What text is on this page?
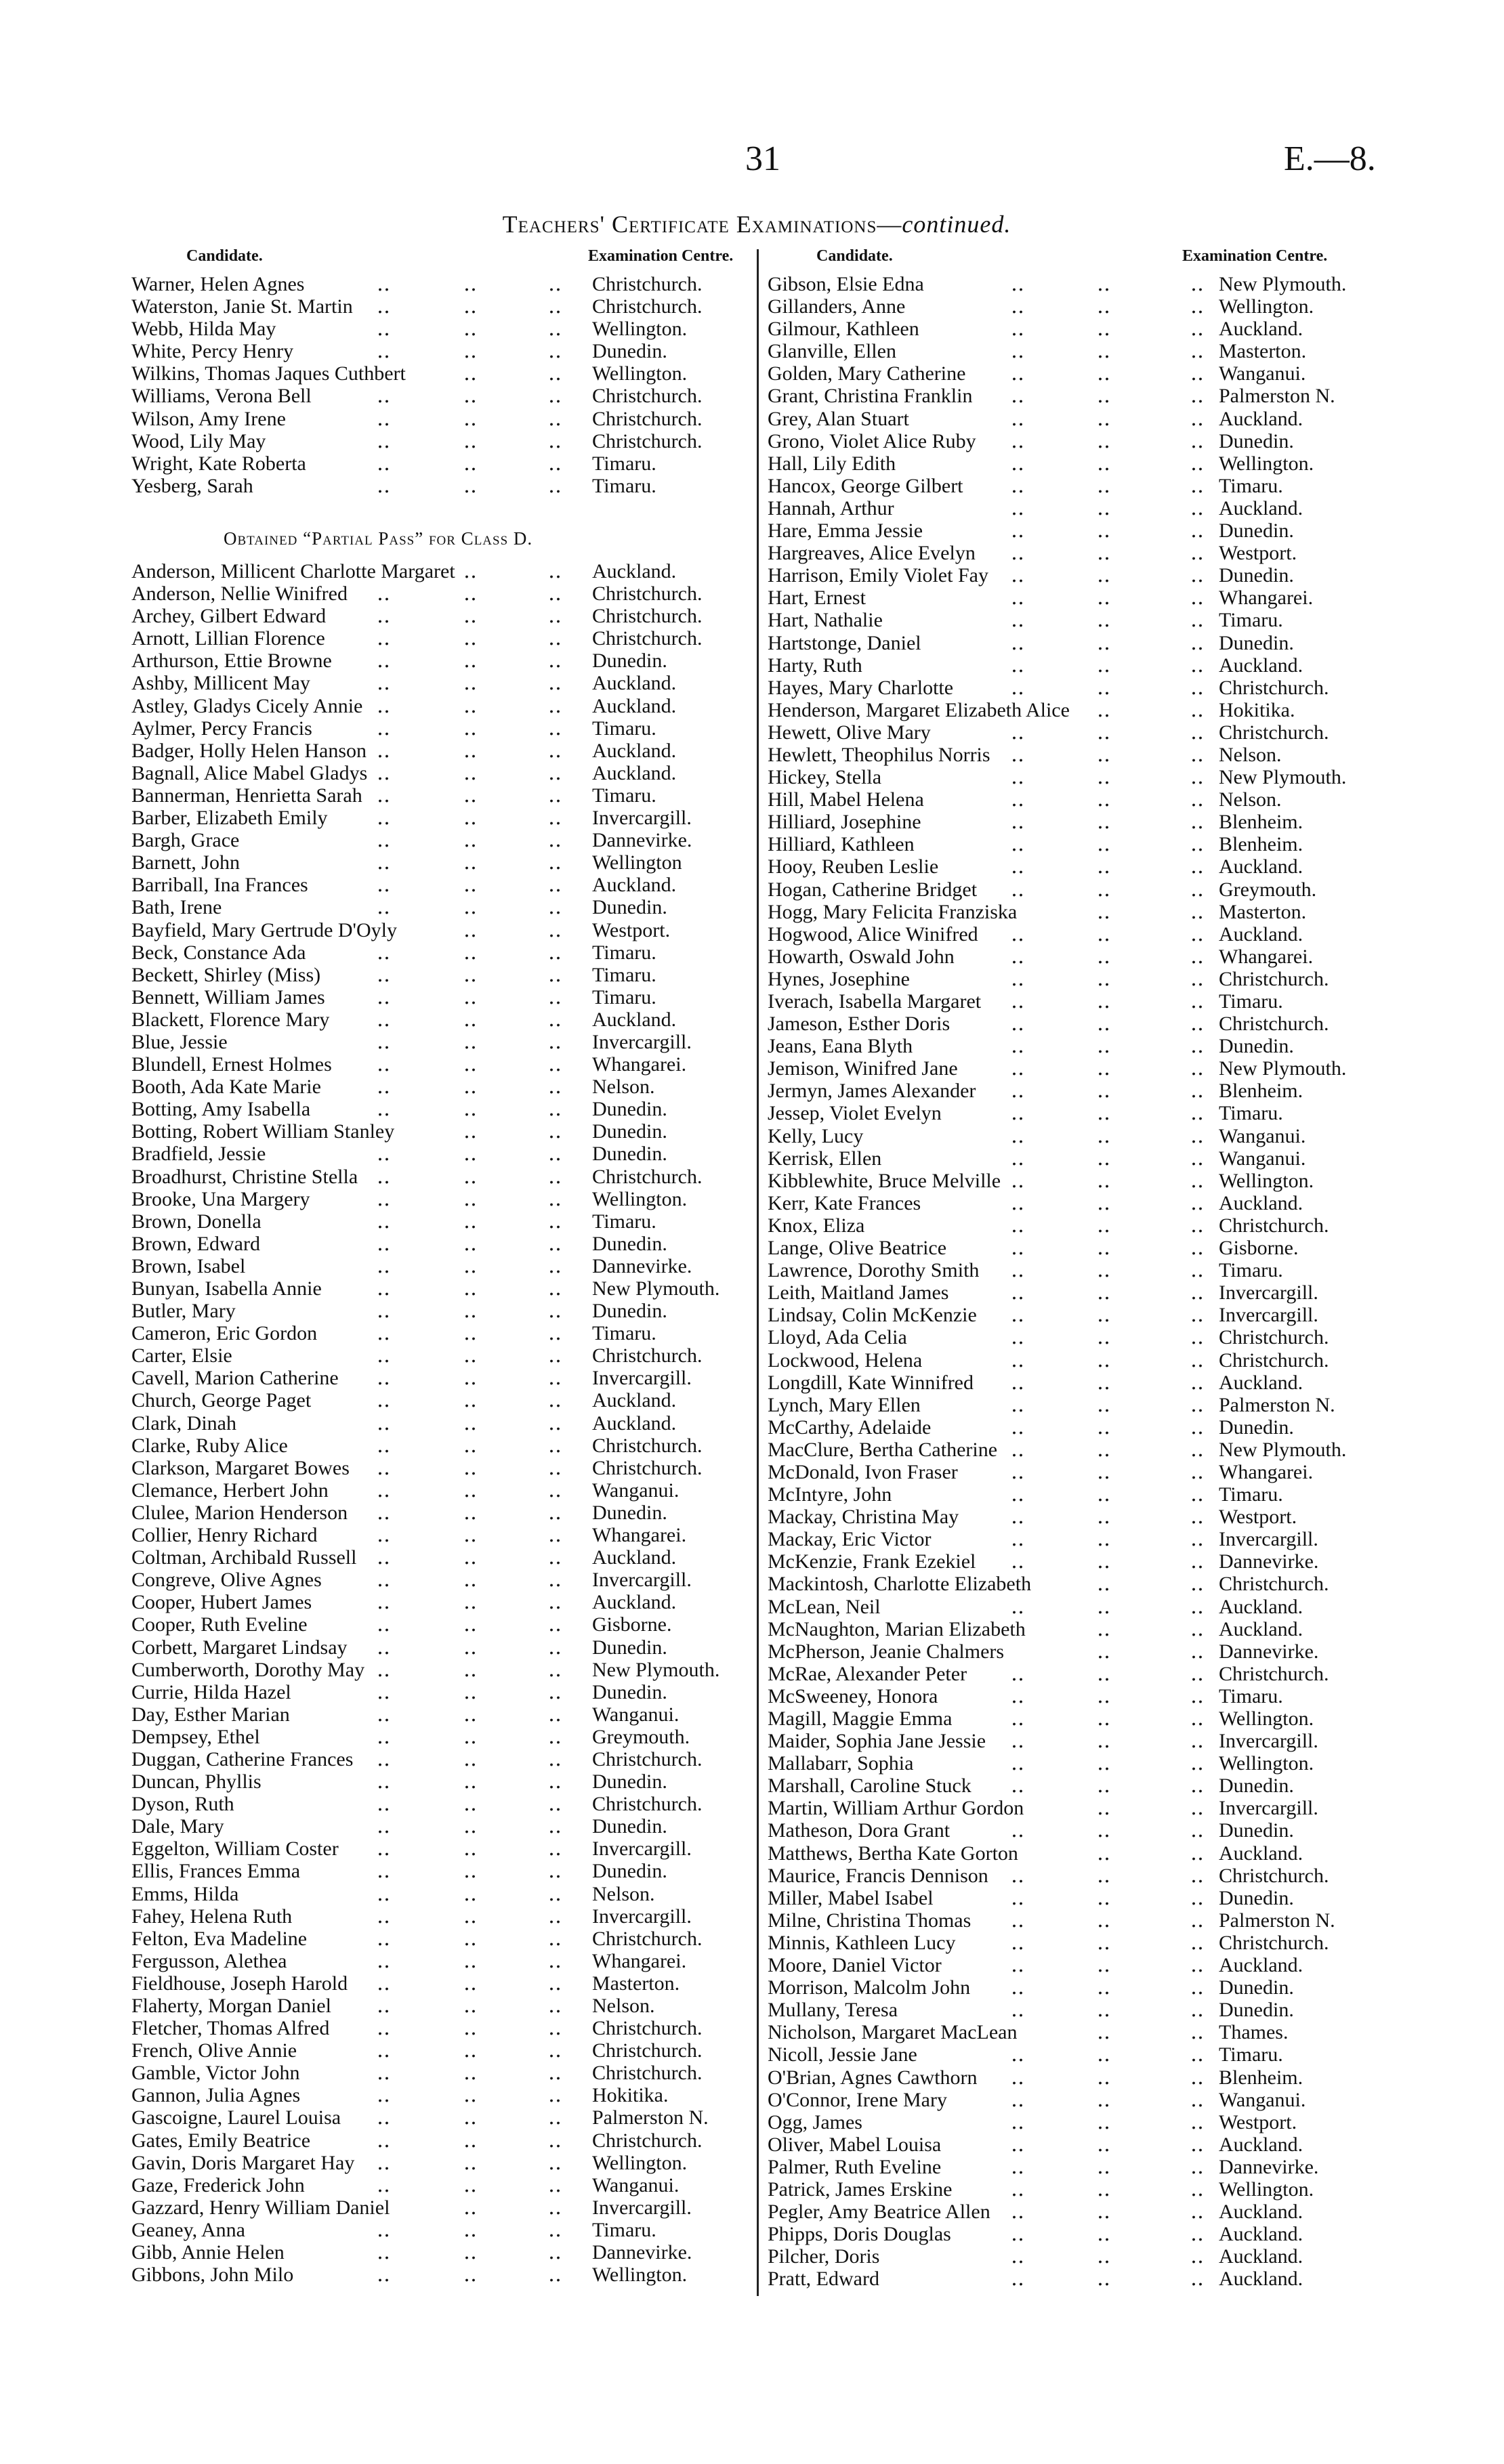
31	E.—8.
Teachers' Certificate Examinations—continued.
Candidate.	Examination Centre.	Candidate.	Examination Centre.
Warner, Helen Agnes	‥	‥	‥ Christchurch.
Waterston, Janie St. Martin ‥	‥	‥ Christchurch.
Webb, Hilda May	‥	‥	‥ Wellington.
White, Percy Henry	‥	‥	‥ Dunedin.
Wilkins, Thomas Jaques Cuthbert	‥	‥ Wellington.
Williams, Verona Bell	‥	‥	‥ Christchurch.
Wilson, Amy Irene	‥	‥	‥ Christchurch.
Wood, Lily May	‥	‥	‥ Christchurch.
Wright, Kate Roberta	‥	‥	‥ Timaru.
Yesberg, Sarah	‥	‥	‥ Timaru.
Obtained “Partial Pass” for Class D.
Anderson, Millicent Charlotte Margaret ‥	‥ Auckland.
Anderson, Nellie Winifred ‥	‥	‥ Christchurch.
Archey, Gilbert Edward ‥	‥	‥ Christchurch.
Arnott, Lillian Florence	‥	‥	‥ Christchurch.
Arthurson, Ettie Browne ‥	‥	‥ Dunedin.
Ashby, Millicent May	‥	‥	‥ Auckland.
Astley, Gladys Cicely Annie ‥	‥	‥ Auckland.
Aylmer, Percy Francis	‥	‥	‥ Timaru.
Badger, Holly Helen Hanson ‥	‥	‥ Auckland.
Bagnall, Alice Mabel Gladys ‥	‥	‥ Auckland.
Bannerman, Henrietta Sarah ‥	‥	‥ Timaru.
Barber, Elizabeth Emily ‥	‥	‥ Invercargill.
Bargh, Grace	‥	‥	‥ Dannevirke.
Barnett, John	‥	‥	‥ Wellington
Barriball, Ina Frances	‥	‥	‥ Auckland.
Bath, Irene	‥	‥	‥ Dunedin.
Bayfield, Mary Gertrude D'Oyly	‥	‥ Westport.
Beck, Constance Ada	‥	‥	‥ Timaru.
Beckett, Shirley (Miss)	‥	‥	‥ Timaru.
Bennett, William James	‥	‥	‥ Timaru.
Blackett, Florence Mary ‥	‥	‥ Auckland.
Blue, Jessie	‥	‥	‥ Invercargill.
Blundell, Ernest Holmes ‥	‥	‥ Whangarei.
Booth, Ada Kate Marie	‥	‥	‥ Nelson.
Botting, Amy Isabella	‥	‥	‥ Dunedin.
Botting, Robert William Stanley	‥	‥ Dunedin.
Bradfield, Jessie	‥	‥	‥ Dunedin.
Broadhurst, Christine Stella ‥	‥	‥ Christchurch.
Brooke, Una Margery	‥	‥	‥ Wellington.
Brown, Donella	‥	‥	‥ Timaru.
Brown, Edward	‥	‥	‥ Dunedin.
Brown, Isabel	‥	‥	‥ Dannevirke.
Bunyan, Isabella Annie	‥	‥	‥ New Plymouth.
Butler, Mary	‥	‥	‥ Dunedin.
Cameron, Eric Gordon	‥	‥	‥ Timaru.
Carter, Elsie	‥	‥	‥ Christchurch.
Cavell, Marion Catherine ‥	‥	‥ Invercargill.
Church, George Paget	‥	‥	‥ Auckland.
Clark, Dinah	‥	‥	‥ Auckland.
Clarke, Ruby Alice	‥	‥	‥ Christchurch.
Clarkson, Margaret Bowes ‥	‥	‥ Christchurch.
Clemance, Herbert John ‥	‥	‥ Wanganui.
Clulee, Marion Henderson ‥	‥	‥ Dunedin.
Collier, Henry Richard	‥	‥	‥ Whangarei.
Coltman, Archibald Russell ‥	‥	‥ Auckland.
Congreve, Olive Agnes	‥	‥	‥ Invercargill.
Cooper, Hubert James	‥	‥	‥ Auckland.
Cooper, Ruth Eveline	‥	‥	‥ Gisborne.
Corbett, Margaret Lindsay ‥	‥	‥ Dunedin.
Cumberworth, Dorothy May ‥	‥	‥ New Plymouth.
Currie, Hilda Hazel	‥	‥	‥ Dunedin.
Day, Esther Marian	‥	‥	‥ Wanganui.
Dempsey, Ethel	‥	‥	‥ Greymouth.
Duggan, Catherine Frances ‥	‥	‥ Christchurch.
Duncan, Phyllis	‥	‥	‥ Dunedin.
Dyson, Ruth	‥	‥	‥ Christchurch.
Dale, Mary	‥	‥	‥ Dunedin.
Eggelton, William Coster ‥	‥	‥ Invercargill.
Ellis, Frances Emma	‥	‥	‥ Dunedin.
Emms, Hilda	‥	‥	‥ Nelson.
Fahey, Helena Ruth	‥	‥	‥ Invercargill.
Felton, Eva Madeline	‥	‥	‥ Christchurch.
Fergusson, Alethea	‥	‥	‥ Whangarei.
Fieldhouse, Joseph Harold ‥	‥	‥ Masterton.
Flaherty, Morgan Daniel ‥	‥	‥ Nelson.
Fletcher, Thomas Alfred ‥	‥	‥ Christchurch.
French, Olive Annie	‥	‥	‥ Christchurch.
Gamble, Victor John	‥	‥	‥ Christchurch.
Gannon, Julia Agnes	‥	‥	‥ Hokitika.
Gascoigne, Laurel Louisa ‥	‥	‥ Palmerston N.
Gates, Emily Beatrice	‥	‥	‥ Christchurch.
Gavin, Doris Margaret Hay ‥	‥	‥ Wellington.
Gaze, Frederick John	‥	‥	‥ Wanganui.
Gazzard, Henry William Daniel	‥	‥ Invercargill.
Geaney, Anna	‥	‥	‥ Timaru.
Gibb, Annie Helen	‥	‥	‥ Dannevirke.
Gibbons, John Milo	‥	‥	‥ Wellington.
Gibson, Elsie Edna	‥	‥	‥ New Plymouth.
Gillanders, Anne	‥	‥	‥ Wellington.
Gilmour, Kathleen	‥	‥	‥ Auckland.
Glanville, Ellen	‥	‥	‥ Masterton.
Golden, Mary Catherine ‥	‥	‥ Wanganui.
Grant, Christina Franklin ‥	‥	‥ Palmerston N.
Grey, Alan Stuart	‥	‥	‥ Auckland.
Grono, Violet Alice Ruby ‥	‥	‥ Dunedin.
Hall, Lily Edith	‥	‥	‥ Wellington.
Hancox, George Gilbert ‥	‥	‥ Timaru.
Hannah, Arthur	‥	‥	‥ Auckland.
Hare, Emma Jessie	‥	‥	‥ Dunedin.
Hargreaves, Alice Evelyn ‥	‥	‥ Westport.
Harrison, Emily Violet Fay ‥	‥	‥ Dunedin.
Hart, Ernest	‥	‥	‥ Whangarei.
Hart, Nathalie	‥	‥	‥ Timaru.
Hartstonge, Daniel	‥	‥	‥ Dunedin.
Harty, Ruth	‥	‥	‥ Auckland.
Hayes, Mary Charlotte	‥	‥	‥ Christchurch.
Henderson, Margaret Elizabeth Alice ‥	‥ Hokitika.
Hewett, Olive Mary	‥	‥	‥ Christchurch.
Hewlett, Theophilus Norris ‥	‥	‥ Nelson.
Hickey, Stella	‥	‥	‥ New Plymouth.
Hill, Mabel Helena	‥	‥	‥ Nelson.
Hilliard, Josephine	‥	‥	‥ Blenheim.
Hilliard, Kathleen	‥	‥	‥ Blenheim.
Hooy, Reuben Leslie	‥	‥	‥ Auckland.
Hogan, Catherine Bridget ‥	‥	‥ Greymouth.
Hogg, Mary Felicita Franziska	‥	‥ Masterton.
Hogwood, Alice Winifred ‥	‥	‥ Auckland.
Howarth, Oswald John	‥	‥	‥ Whangarei.
Hynes, Josephine	‥	‥	‥ Christchurch.
Iverach, Isabella Margaret ‥	‥	‥ Timaru.
Jameson, Esther Doris	‥	‥	‥ Christchurch.
Jeans, Eana Blyth	‥	‥	‥ Dunedin.
Jemison, Winifred Jane	‥	‥	‥ New Plymouth.
Jermyn, James Alexander ‥	‥	‥ Blenheim.
Jessep, Violet Evelyn	‥	‥	‥ Timaru.
Kelly, Lucy	‥	‥	‥ Wanganui.
Kerrisk, Ellen	‥	‥	‥ Wanganui.
Kibblewhite, Bruce Melville ‥	‥	‥ Wellington.
Kerr, Kate Frances	‥	‥	‥ Auckland.
Knox, Eliza	‥	‥	‥ Christchurch.
Lange, Olive Beatrice	‥	‥	‥ Gisborne.
Lawrence, Dorothy Smith ‥	‥	‥ Timaru.
Leith, Maitland James	‥	‥	‥ Invercargill.
Lindsay, Colin McKenzie ‥	‥	‥ Invercargill.
Lloyd, Ada Celia	‥	‥	‥ Christchurch.
Lockwood, Helena	‥	‥	‥ Christchurch.
Longdill, Kate Winnifred ‥	‥	‥ Auckland.
Lynch, Mary Ellen	‥	‥	‥ Palmerston N.
McCarthy, Adelaide	‥	‥	‥ Dunedin.
MacClure, Bertha Catherine ‥	‥	‥ New Plymouth.
McDonald, Ivon Fraser	‥	‥	‥ Whangarei.
McIntyre, John	‥	‥	‥ Timaru.
Mackay, Christina May	‥	‥	‥ Westport.
Mackay, Eric Victor	‥	‥	‥ Invercargill.
McKenzie, Frank Ezekiel ‥	‥	‥ Dannevirke.
Mackintosh, Charlotte Elizabeth	‥	‥ Christchurch.
McLean, Neil	‥	‥	‥ Auckland.
McNaughton, Marian Elizabeth	‥	‥ Auckland.
McPherson, Jeanie Chalmers	‥	‥ Dannevirke.
McRae, Alexander Peter ‥	‥	‥ Christchurch.
McSweeney, Honora	‥	‥	‥ Timaru.
Magill, Maggie Emma	‥	‥	‥ Wellington.
Maider, Sophia Jane Jessie ‥	‥	‥ Invercargill.
Mallabarr, Sophia	‥	‥	‥ Wellington.
Marshall, Caroline Stuck ‥	‥	‥ Dunedin.
Martin, William Arthur Gordon	‥	‥ Invercargill.
Matheson, Dora Grant	‥	‥	‥ Dunedin.
Matthews, Bertha Kate Gorton	‥	‥ Auckland.
Maurice, Francis Dennison ‥	‥	‥ Christchurch.
Miller, Mabel Isabel	‥	‥	‥ Dunedin.
Milne, Christina Thomas ‥	‥	‥ Palmerston N.
Minnis, Kathleen Lucy	‥	‥	‥ Christchurch.
Moore, Daniel Victor	‥	‥	‥ Auckland.
Morrison, Malcolm John ‥	‥	‥ Dunedin.
Mullany, Teresa	‥	‥	‥ Dunedin.
Nicholson, Margaret MacLean	‥	‥ Thames.
Nicoll, Jessie Jane	‥	‥	‥ Timaru.
O'Brian, Agnes Cawthorn ‥	‥	‥ Blenheim.
O'Connor, Irene Mary	‥	‥	‥ Wanganui.
Ogg, James	‥	‥	‥ Westport.
Oliver, Mabel Louisa	‥	‥	‥ Auckland.
Palmer, Ruth Eveline	‥	‥	‥ Dannevirke.
Patrick, James Erskine	‥	‥	‥ Wellington.
Pegler, Amy Beatrice Allen ‥	‥	‥ Auckland.
Phipps, Doris Douglas	‥	‥	‥ Auckland.
Pilcher, Doris	‥	‥	‥ Auckland.
Pratt, Edward	‥	‥	‥ Auckland.
